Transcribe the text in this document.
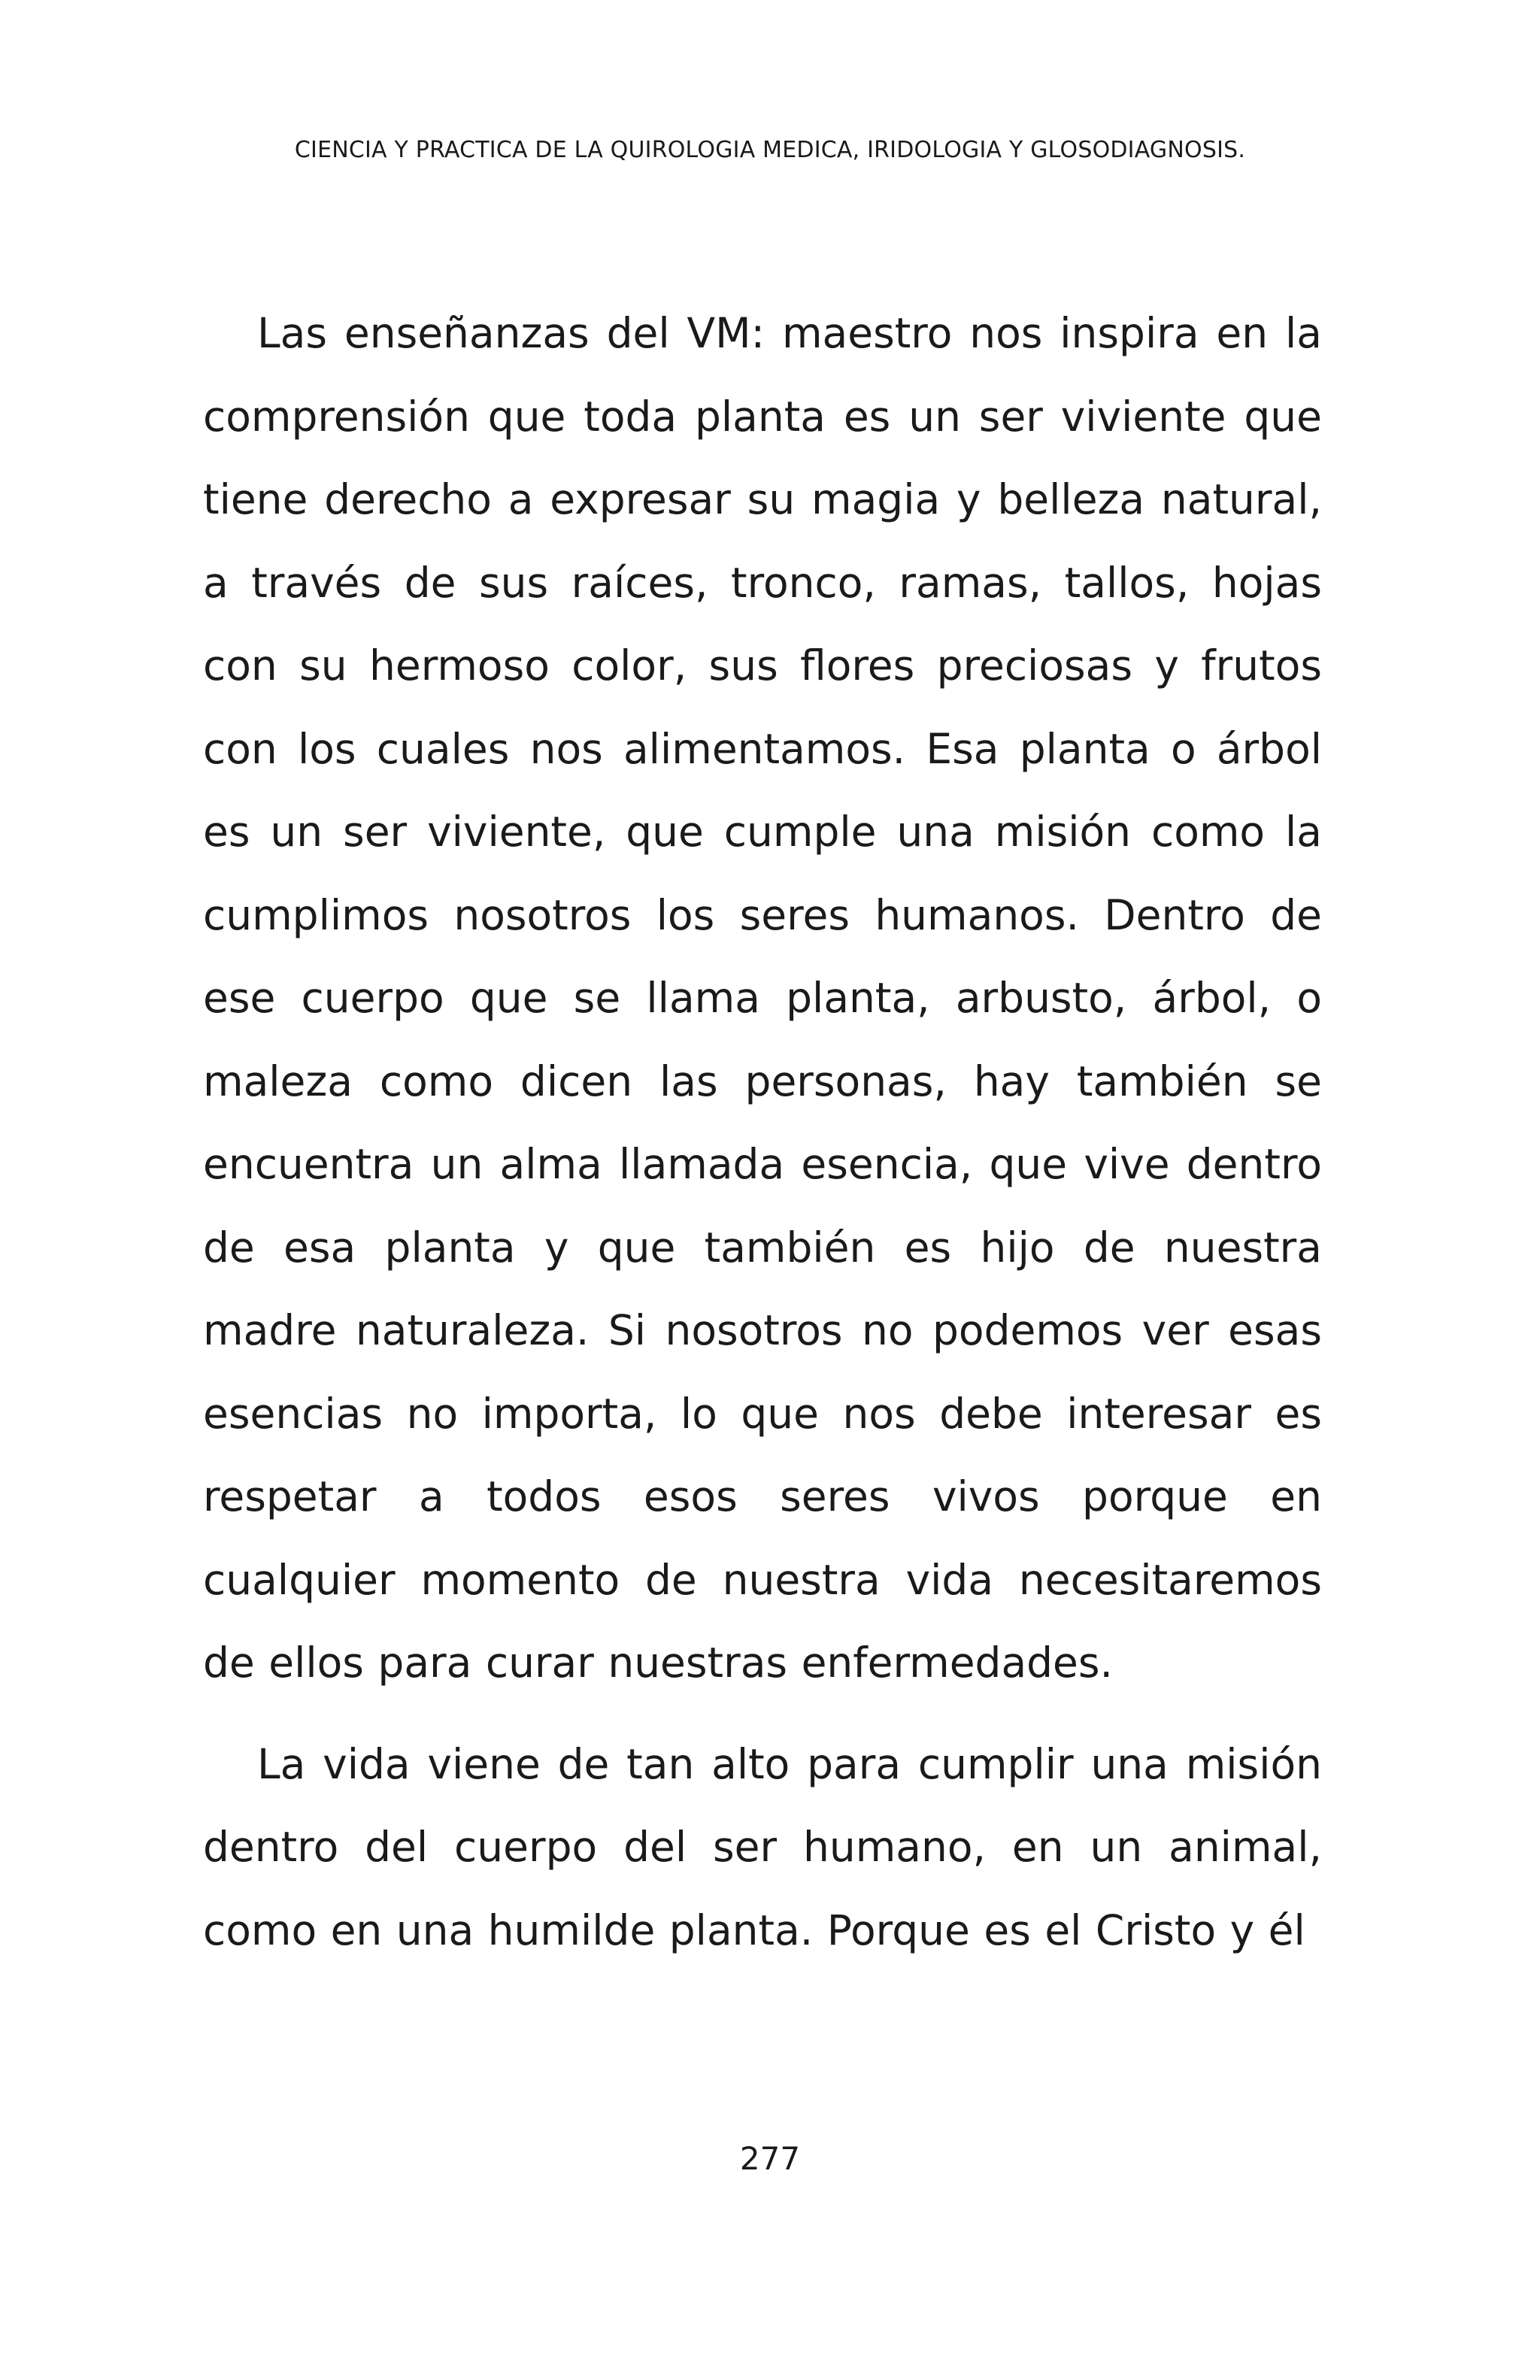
CIENCIA Y PRACTICA DE LA QUIROLOGIA MEDICA, IRIDOLOGIA Y GLOSODIAGNOSIS.

Las enseñanzas del VM: maestro nos inspira en la comprensión que toda planta es un ser viviente que tiene derecho a expresar su magia y belleza natural, a través de sus raíces, tronco, ramas, tallos, hojas con su hermoso color, sus flores preciosas y frutos con los cuales nos alimentamos. Esa planta o árbol es un ser viviente, que cumple una misión como la cumplimos nosotros los seres humanos. Dentro de ese cuerpo que se llama planta, arbusto, árbol, o maleza como dicen las personas, hay también se encuentra un alma llamada esencia, que vive dentro de esa planta y que también es hijo de nuestra madre naturaleza. Si nosotros no podemos ver esas esencias no importa, lo que nos debe interesar es respetar a todos esos seres vivos porque en cualquier momento de nuestra vida necesitaremos de ellos para curar nuestras enfermedades.

La vida viene de tan alto para cumplir una misión dentro del cuerpo del ser humano, en un animal, como en una humilde planta. Porque es el Cristo y él

277
